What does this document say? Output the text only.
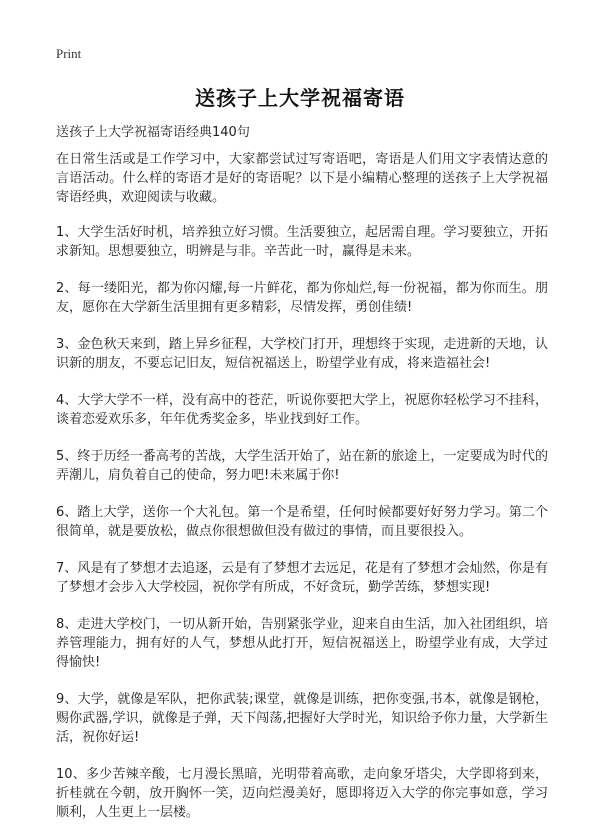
Print
送孩子上大学祝福寄语
送孩子上大学祝福寄语经典140句

在日常生活或是工作学习中，大家都尝试过写寄语吧，寄语是人们用文字表情达意的言语活动。什么样的寄语才是好的寄语呢？以下是小编精心整理的送孩子上大学祝福寄语经典，欢迎阅读与收藏。

1、大学生活好时机，培养独立好习惯。生活要独立，起居需自理。学习要独立，开拓求新知。思想要独立，明辨是与非。辛苦此一时，赢得是未来。

2、每一缕阳光，都为你闪耀,每一片鲜花，都为你灿烂,每一份祝福，都为你而生。朋友，愿你在大学新生活里拥有更多精彩，尽情发挥，勇创佳绩!

3、金色秋天来到，踏上异乡征程，大学校门打开，理想终于实现，走进新的天地，认识新的朋友，不要忘记旧友，短信祝福送上，盼望学业有成，将来造福社会!

4、大学大学不一样，没有高中的苍茫，听说你要把大学上，祝愿你轻松学习不挂科，谈着恋爱欢乐多，年年优秀奖金多，毕业找到好工作。

5、终于历经一番高考的苦战，大学生活开始了，站在新的旅途上，一定要成为时代的弄潮儿，肩负着自己的使命，努力吧!未来属于你!

6、踏上大学，送你一个大礼包。第一个是希望，任何时候都要好好努力学习。第二个很简单，就是要放松，做点你很想做但没有做过的事情，而且要很投入。

7、风是有了梦想才去追逐，云是有了梦想才去远足，花是有了梦想才会灿然，你是有了梦想才会步入大学校园，祝你学有所成，不好贪玩，勤学苦练，梦想实现!

8、走进大学校门，一切从新开始，告别紧张学业，迎来自由生活，加入社团组织，培养管理能力，拥有好的人气，梦想从此打开，短信祝福送上，盼望学业有成，大学过得愉快!

9、大学，就像是军队，把你武装;课堂，就像是训练，把你变强,书本，就像是钢枪，赐你武器,学识，就像是子弹，天下闯荡,把握好大学时光，知识给予你力量，大学新生活，祝你好运!

10、多少苦辣辛酸，七月漫长黑暗，光明带着高歌，走向象牙塔尖，大学即将到来，折桂就在今朝，放开胸怀一笑，迈向烂漫美好，愿即将迈入大学的你完事如意，学习顺利，人生更上一层楼。
